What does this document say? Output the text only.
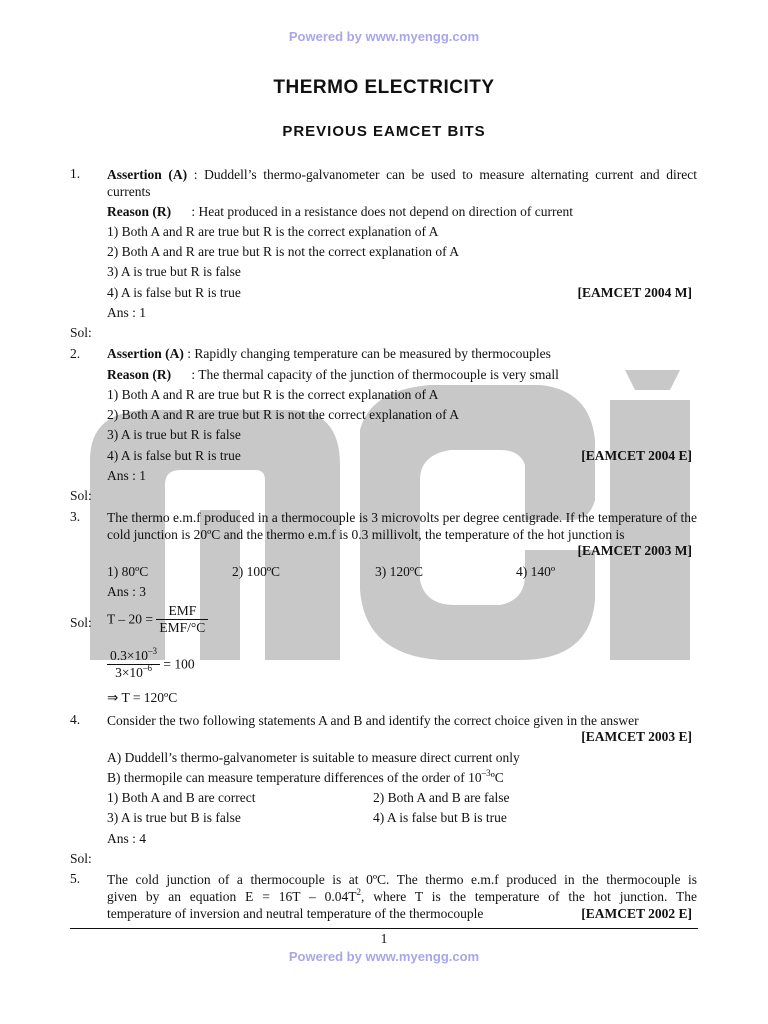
Powered by www.myengg.com
THERMO ELECTRICITY
PREVIOUS EAMCET BITS
1. Assertion (A) : Duddell’s thermo-galvanometer can be used to measure alternating current and direct currents
Reason (R) : Heat produced in a resistance does not depend on direction of current
1) Both A and R are true but R is the correct explanation of A
2) Both A and R are true but R is not the correct explanation of A
3) A is true but R is false
4) A is false but R is true	[EAMCET 2004 M]
Ans : 1
Sol:
2. Assertion (A) : Rapidly changing temperature can be measured by thermocouples
Reason (R) : The thermal capacity of the junction of thermocouple is very small
1) Both A and R are true but R is the correct explanation of A
2) Both A and R are true but R is not the correct explanation of A
3) A is true but R is false
4) A is false but R is true	[EAMCET 2004 E]
Ans : 1
Sol:
3. The thermo e.m.f produced in a thermocouple is 3 microvolts per degree centigrade. If the temperature of the cold junction is 20ºC and the thermo e.m.f is 0.3 millivolt, the temperature of the hot junction is
[EAMCET 2003 M]
1) 80ºC	2) 100ºC	3) 120ºC	4) 140º
Ans : 3
Sol: $T - 20 = \frac{\text{EMF}}{\text{EMF/°C}}$
$\frac{0.3\times 10^{-3}}{3\times 10^{-6}} = 100$
⇒ T = 120ºC
4. Consider the two following statements A and B and identify the correct choice given in the answer
[EAMCET 2003 E]
A) Duddell’s thermo-galvanometer is suitable to measure direct current only
B) thermopile can measure temperature differences of the order of $10^{-3}ºC$
1) Both A and B are correct	2) Both A and B are false
3) A is true but B is false	4) A is false but B is true
Ans : 4
Sol:
5. The cold junction of a thermocouple is at 0ºC. The thermo e.m.f produced in the thermocouple is
given by an equation $E = 16T - 0.04T^2$, where T is the temperature of the hot junction. The
temperature of inversion and neutral temperature of the thermocouple	[EAMCET 2002 E]
1
Powered by www.myengg.com
